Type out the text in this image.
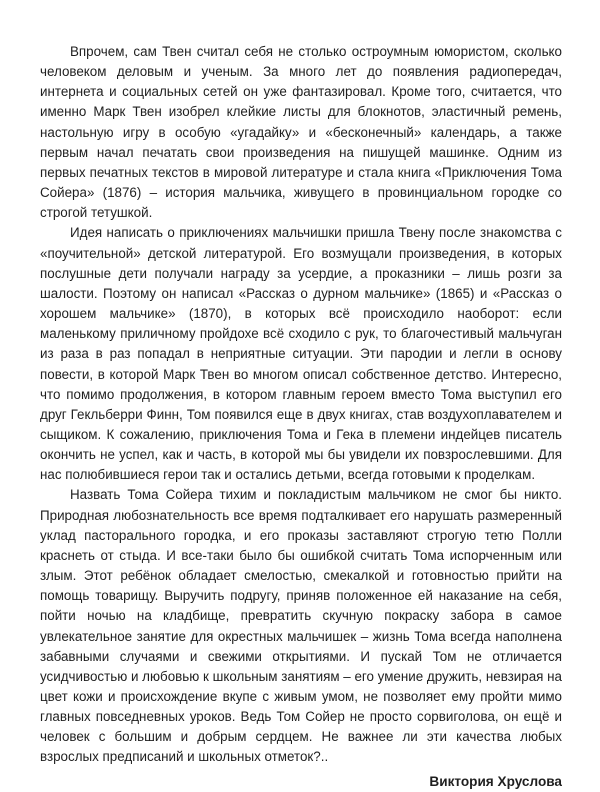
Впрочем, сам Твен считал себя не столько остроумным юмористом, сколько человеком деловым и ученым. За много лет до появления радиопередач, интернета и социальных сетей он уже фантазировал. Кроме того, считается, что именно Марк Твен изобрел клейкие листы для блокнотов, эластичный ремень, настольную игру в особую «угадайку» и «бесконечный» календарь, а также первым начал печатать свои произведения на пишущей машинке. Одним из первых печатных текстов в мировой литературе и стала книга «Приключения Тома Сойера» (1876) – история мальчика, живущего в провинциальном городке со строгой тетушкой.

Идея написать о приключениях мальчишки пришла Твену после знакомства с «поучительной» детской литературой. Его возмущали произведения, в которых послушные дети получали награду за усердие, а проказники – лишь розги за шалости. Поэтому он написал «Рассказ о дурном мальчике» (1865) и «Рассказ о хорошем мальчике» (1870), в которых всё происходило наоборот: если маленькому приличному пройдохе всё сходило с рук, то благочестивый мальчуган из раза в раз попадал в неприятные ситуации. Эти пародии и легли в основу повести, в которой Марк Твен во многом описал собственное детство. Интересно, что помимо продолжения, в котором главным героем вместо Тома выступил его друг Гекльберри Финн, Том появился еще в двух книгах, став воздухоплавателем и сыщиком. К сожалению, приключения Тома и Гека в племени индейцев писатель окончить не успел, как и часть, в которой мы бы увидели их повзрослевшими. Для нас полюбившиеся герои так и остались детьми, всегда готовыми к проделкам.

Назвать Тома Сойера тихим и покладистым мальчиком не смог бы никто. Природная любознательность все время подталкивает его нарушать размеренный уклад пасторального городка, и его проказы заставляют строгую тетю Полли краснеть от стыда. И все-таки было бы ошибкой считать Тома испорченным или злым. Этот ребёнок обладает смелостью, смекалкой и готовностью прийти на помощь товарищу. Выручить подругу, приняв положенное ей наказание на себя, пойти ночью на кладбище, превратить скучную покраску забора в самое увлекательное занятие для окрестных мальчишек – жизнь Тома всегда наполнена забавными случаями и свежими открытиями. И пускай Том не отличается усидчивостью и любовью к школьным занятиям – его умение дружить, невзирая на цвет кожи и происхождение вкупе с живым умом, не позволяет ему пройти мимо главных повседневных уроков. Ведь Том Сойер не просто сорвиголова, он ещё и человек с большим и добрым сердцем. Не важнее ли эти качества любых взрослых предписаний и школьных отметок?..

Виктория Хруслова
